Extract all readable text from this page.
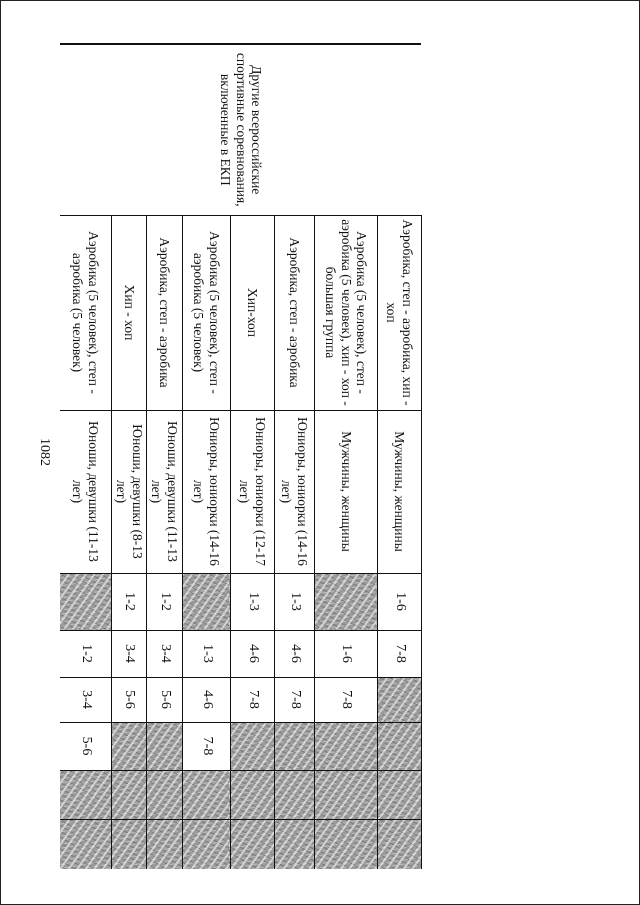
1082
Другие всероссийские спортивные соревнования, включенные в ЕКП	Аэробика, степ - аэробика, хип - хоп	Мужчины, женщины	1-6	7-8				
	Аэробика (5 человек), степ - аэробика (5 человек), хип - хоп - большая группа	Мужчины, женщины		1-6	7-8			
	Аэробика, степ - аэробика	Юниоры, юниорки (14-16 лет)	1-3	4-6	7-8			
	Хип-хоп	Юниоры, юниорки (12-17 лет)	1-3	4-6	7-8			
	Аэробика (5 человек), степ - аэробика (5 человек)	Юниоры, юниорки (14-16 лет)		1-3	4-6	7-8		
	Аэробика, степ - аэробика	Юноши, девушки (11-13 лет)	1-2	3-4	5-6			
	Хип - хоп	Юноши, девушки (8-13 лет)	1-2	3-4	5-6			
	Аэробика (5 человек), степ - аэробика (5 человек)	Юноши, девушки (11-13 лет)		1-2	3-4	5-6		
